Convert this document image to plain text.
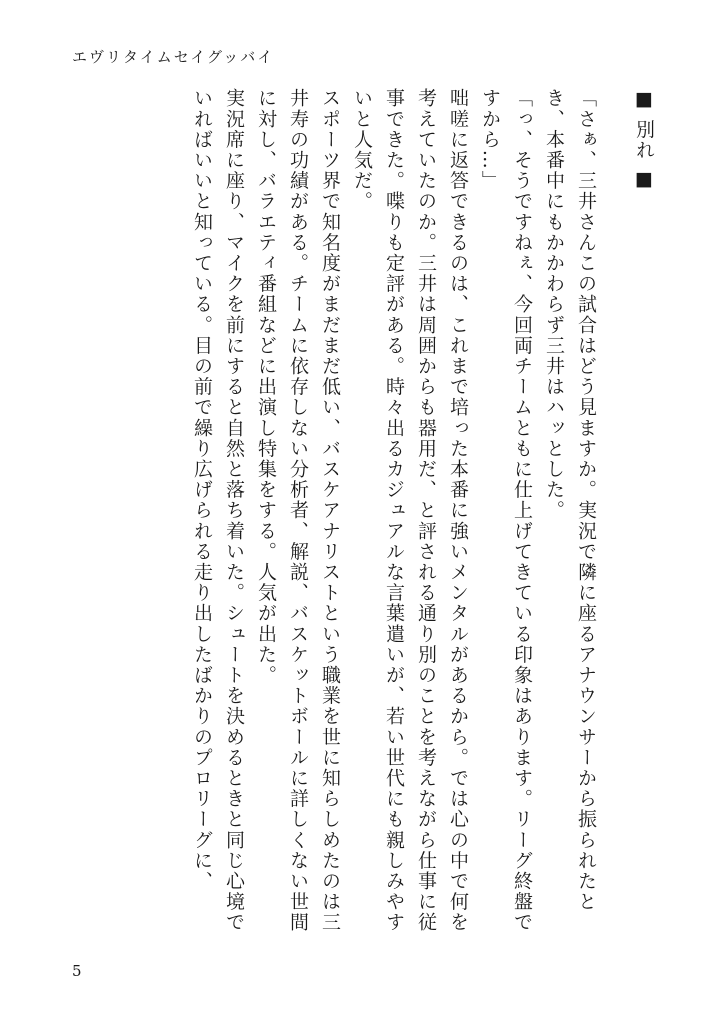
エヴリタイムセイグッバイ
■ 別れ ■
「さぁ、三井さんこの試合はどう見ますか。実況で隣に座るアナウンサーから振られたとき、本番中にもかかわらず三井はハッとした。
「っ、そうですねぇ、今回両チームともに仕上げてきている印象はあります。リーグ終盤ですから…」
咄嗟に返答できるのは、これまで培った本番に強いメンタルがあるから。では心の中で何を考えていたのか。三井は周囲からも器用だ、と評される通り別のことを考えながら仕事に従事できた。喋りも定評がある。時々出るカジュアルな言葉遣いが、若い世代にも親しみやすいと人気だ。
スポーツ界で知名度がまだまだ低い、バスケアナリストという職業を世に知らしめたのは三井寿の功績がある。チームに依存しない分析者、解説、バスケットボールに詳しくない世間に対し、バラエティ番組などに出演し特集をする。人気が出た。
実況席に座り、マイクを前にすると自然と落ち着いた。シュートを決めるときと同じ心境でいればいいと知っている。目の前で繰り広げられる走り出したばかりのプロリーグに、
5
